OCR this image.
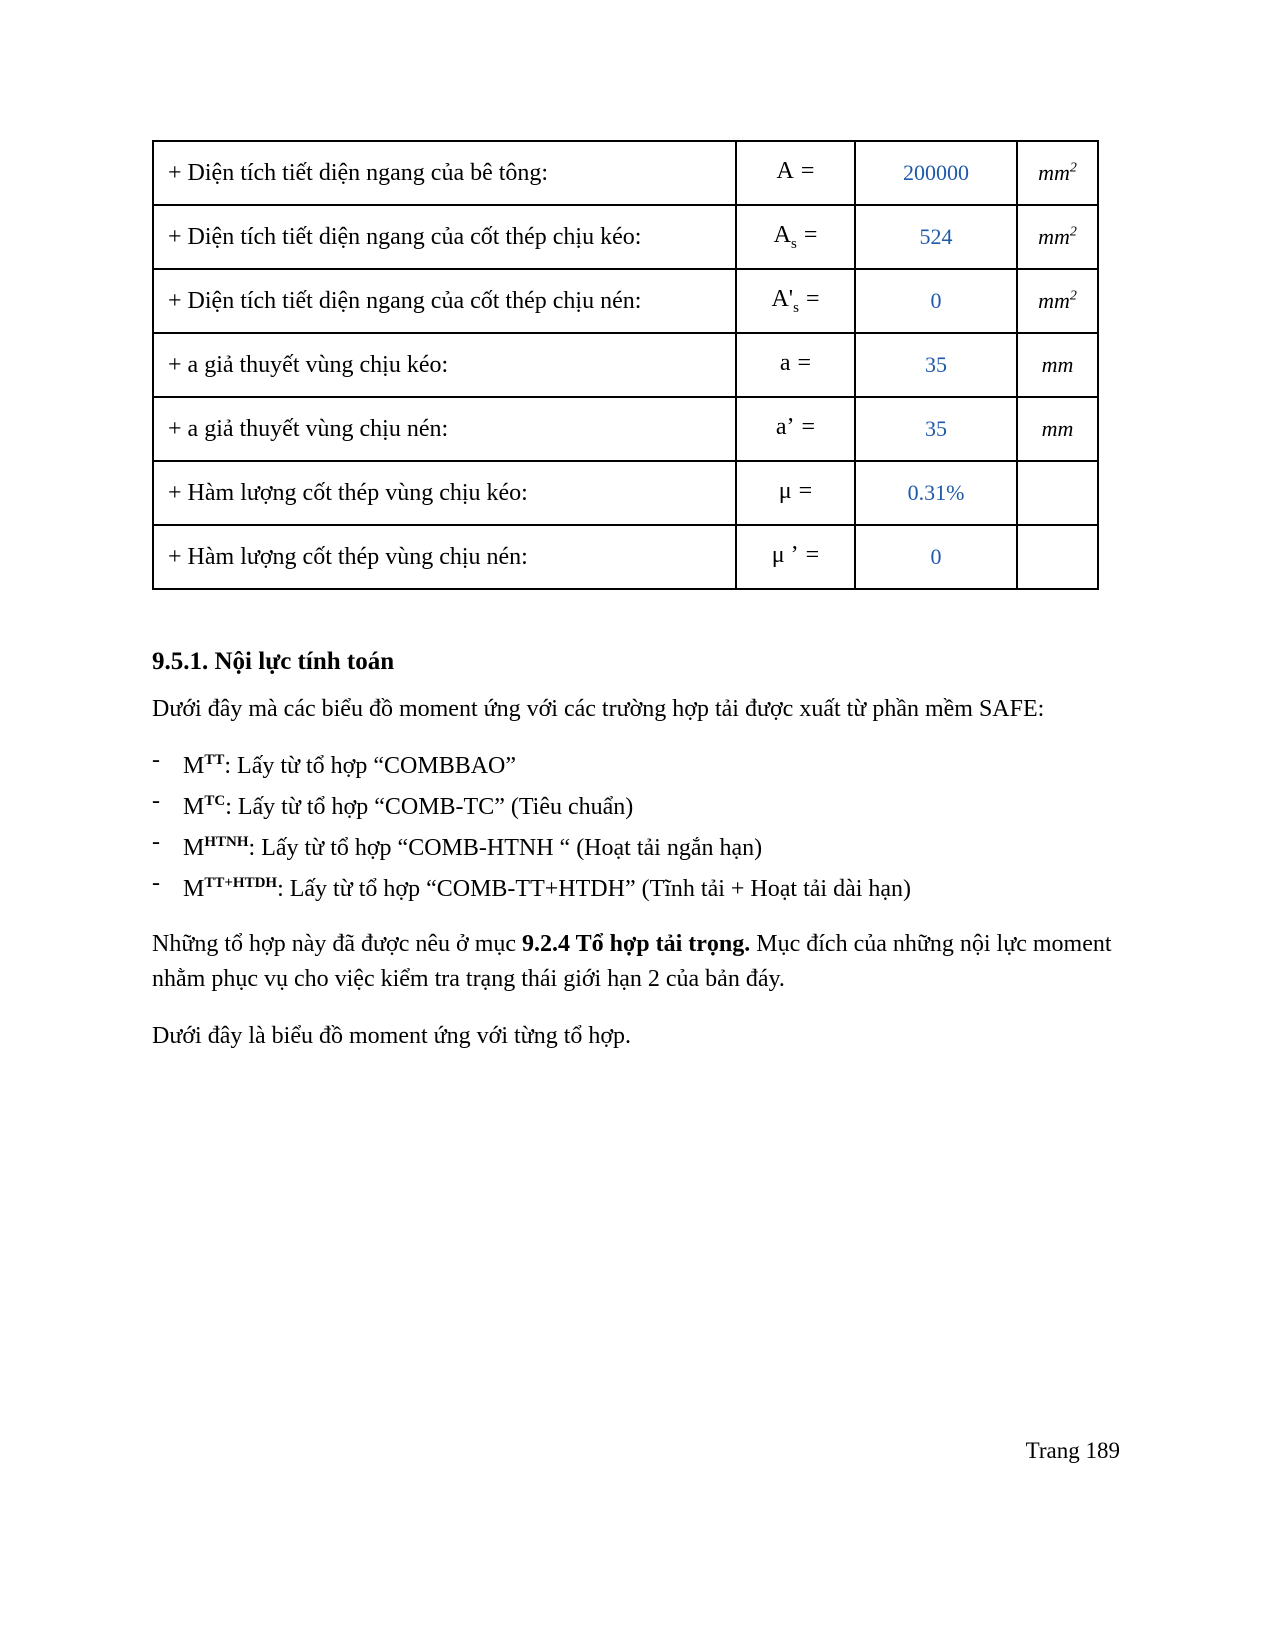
+ Diện tích tiết diện ngang của bê tông:	A =	200000	$mm^2$
+ Diện tích tiết diện ngang của cốt thép chịu kéo:	$A_s$ =	524	$mm^2$
+ Diện tích tiết diện ngang của cốt thép chịu nén:	$A'_s$ =	0	$mm^2$
+ a giả thuyết vùng chịu kéo:	a =	35	mm
+ a giả thuyết vùng chịu nén:	a’ =	35	mm
+ Hàm lượng cốt thép vùng chịu kéo:	μ =	0.31%	
+ Hàm lượng cốt thép vùng chịu nén:	μ ’ =	0	
9.5.1. Nội lực tính toán

Dưới đây mà các biểu đồ moment ứng với các trường hợp tải được xuất từ phần mềm SAFE:

- $M^{TT}$: Lấy từ tổ hợp “COMBBAO”
- $M^{TC}$: Lấy từ tổ hợp “COMB-TC” (Tiêu chuẩn)
- $M^{HTNH}$: Lấy từ tổ hợp “COMB-HTNH “ (Hoạt tải ngắn hạn)
- $M^{TT+HTDH}$: Lấy từ tổ hợp “COMB-TT+HTDH” (Tĩnh tải + Hoạt tải dài hạn)

Những tổ hợp này đã được nêu ở mục 9.2.4 Tổ hợp tải trọng. Mục đích của những nội lực moment nhằm phục vụ cho việc kiểm tra trạng thái giới hạn 2 của bản đáy.

Dưới đây là biểu đồ moment ứng với từng tổ hợp.

Trang 189
